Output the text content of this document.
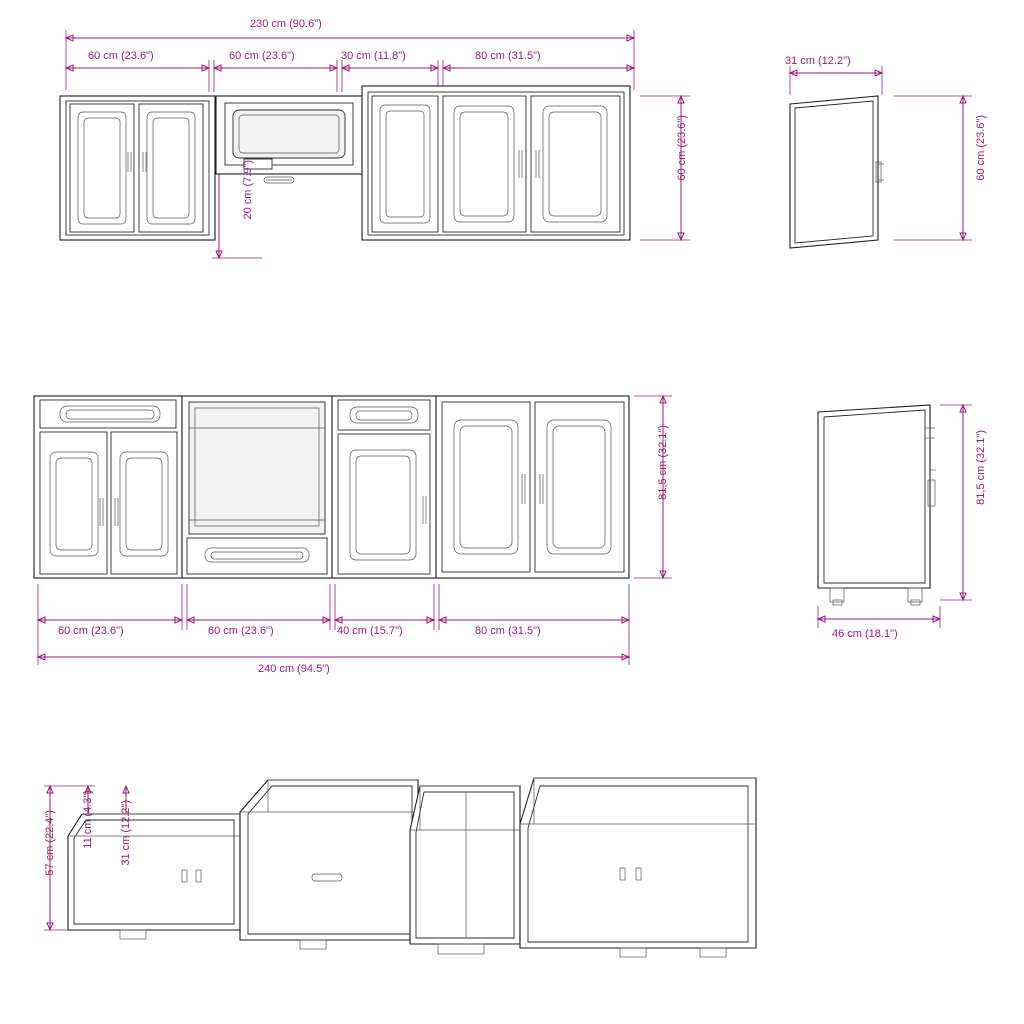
230 cm (90.6")
60 cm (23.6")	60 cm (23.6")	30 cm (11.8")	80 cm (31.5")
60 cm (23.6")
20 cm (7.9")
31 cm (12.2")
60 cm (23.6")
81,5 cm (32.1")
60 cm (23.6")	60 cm (23.6")	40 cm (15.7")	80 cm (31.5")
240 cm (94.5")
81,5 cm (32.1")
46 cm (18.1")
57 cm (22.4") 11 cm (4.3") 31 cm (12.2")
